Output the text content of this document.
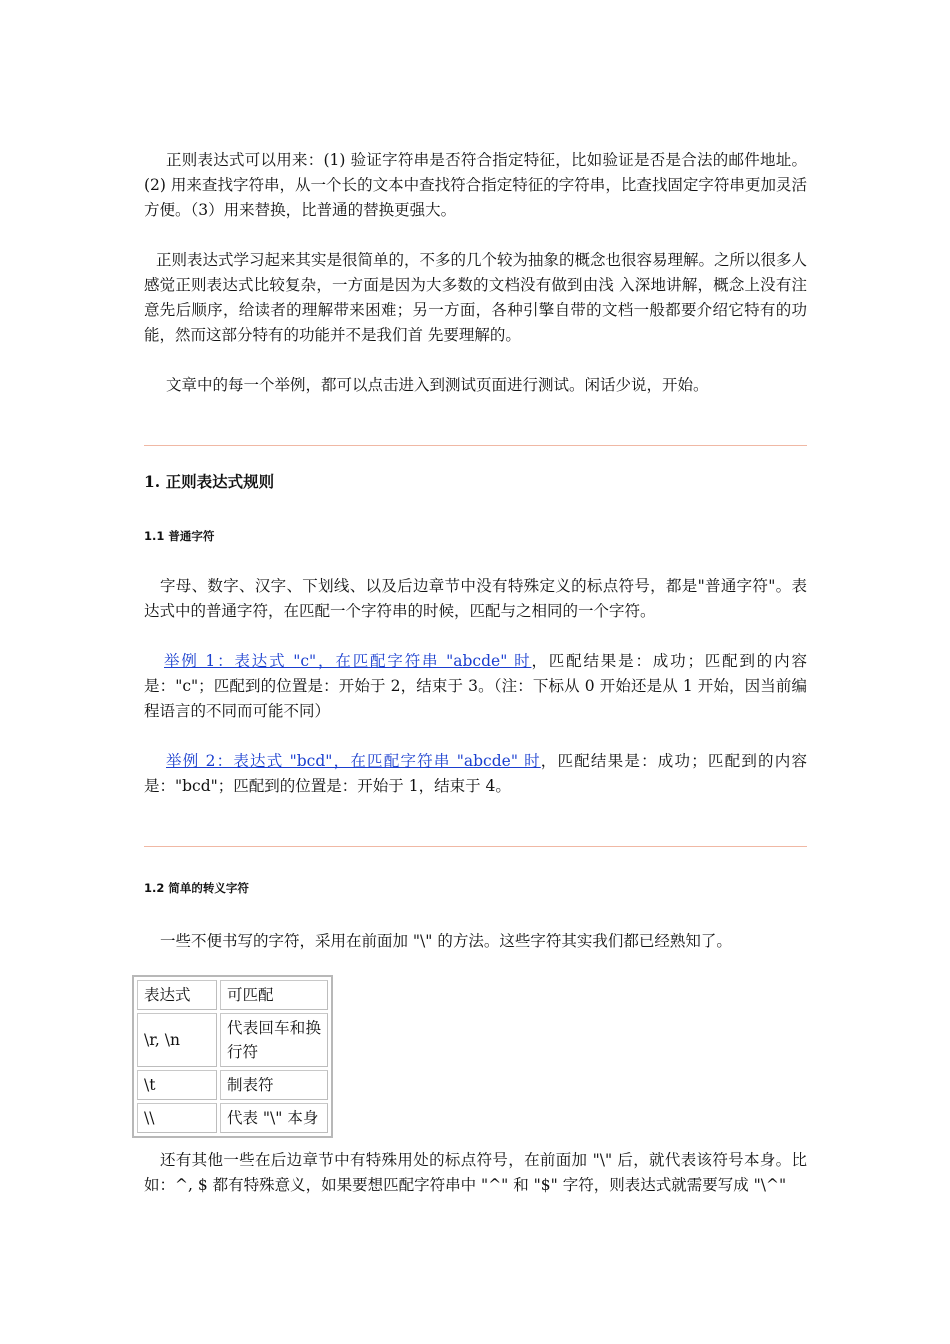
正则表达式可以用来：(1) 验证字符串是否符合指定特征，比如验证是否是合法的邮件地址。(2) 用来查找字符串，从一个长的文本中查找符合指定特征的字符串，比查找固定字符串更加灵活方便。（3）用来替换，比普通的替换更强大。

正则表达式学习起来其实是很简单的，不多的几个较为抽象的概念也很容易理解。之所以很多人感觉正则表达式比较复杂，一方面是因为大多数的文档没有做到由浅 入深地讲解，概念上没有注意先后顺序，给读者的理解带来困难；另一方面，各种引擎自带的文档一般都要介绍它特有的功能，然而这部分特有的功能并不是我们首 先要理解的。

文章中的每一个举例，都可以点击进入到测试页面进行测试。闲话少说，开始。

1. 正则表达式规则
1.1 普通字符

字母、数字、汉字、下划线、以及后边章节中没有特殊定义的标点符号，都是"普通字符"。表达式中的普通字符，在匹配一个字符串的时候，匹配与之相同的一个字符。

举例 1：表达式 "c"，在匹配字符串 "abcde" 时，匹配结果是：成功；匹配到的内容是："c"；匹配到的位置是：开始于 2，结束于 3。（注：下标从 0 开始还是从 1 开始，因当前编程语言的不同而可能不同）

举例 2：表达式 "bcd"，在匹配字符串 "abcde" 时，匹配结果是：成功；匹配到的内容是："bcd"；匹配到的位置是：开始于 1，结束于 4。

1.2 简单的转义字符

一些不便书写的字符，采用在前面加 "\" 的方法。这些字符其实我们都已经熟知了。

表达式	可匹配
\r, \n	代表回车和换行符
\t	制表符
\\	代表 "\" 本身

还有其他一些在后边章节中有特殊用处的标点符号，在前面加 "\" 后，就代表该符号本身。比如：^, $ 都有特殊意义，如果要想匹配字符串中 "^" 和 "$" 字符，则表达式就需要写成 "\^"
